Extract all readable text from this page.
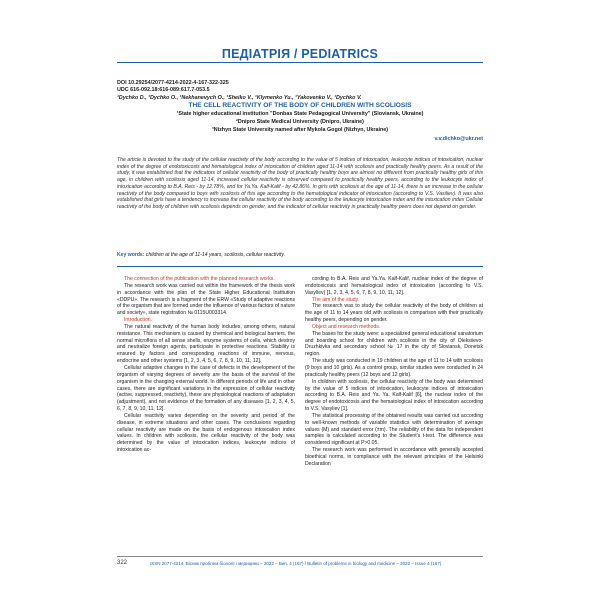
ПЕДІАТРІЯ / PEDIATRICS
DOI 10.29254/2077-4214-2022-4-167-322-325
UDC 616-092.18:616-089:617.7-053.5
¹Dychko D., ¹Dychko O., ¹Nekhanevych O., ¹Sheiko V., ¹Klymenko Yu., ¹Yakovenko V., ¹Dychko V.
THE CELL REACTIVITY OF THE BODY OF CHILDREN WITH SCOLIOSIS
¹State higher educational institution "Donbas State Pedagogical University" (Sloviansk, Ukraine)
²Dnipro State Medical University (Dnipro, Ukraine)
³Nizhyn State University named after Mykola Gogol (Nizhyn, Ukraine)
v.v.dichko@ukr.net
The article is devoted to the study of the cellular reactivity of the body according to the value of 5 indices of intoxication, leukocyte indices of intoxication, nuclear index of the degree of endotoxicosis and hematological index of intoxication of children aged 11-14 with scoliosis and practically healthy peers. As a result of the study, it was established that the indicators of cellular reactivity of the body of practically healthy boys are almost no different from practically healthy girls of this age, in children with scoliosis aged 11-14, increased cellular reactivity is observed compared to practically healthy peers. according to the leukocyte index of intoxication according to B.A. Reis - by 12.78%, and for Ya.Ya. Kalf-Kalif - by 42.86%. In girls with scoliosis at the age of 11-14, there is an increase in the cellular reactivity of the body compared to boys with scoliosis of this age according to the hematological indicator of intoxication (according to V.S. Vasiliev). It was also established that girls have a tendency to increase the cellular reactivity of the body according to the leukocyte intoxication index and the intoxication index Cellular reactivity of the body of children with scoliosis depends on gender, and the indicator of cellular reactivity in practically healthy peers does not depend on gender.
Key words: children at the age of 11-14 years, scoliosis, cellular reactivity.

The connection of the publication with the planned research works.

The research work was carried out within the framework of the thesis work in accordance with the plan of the State Higher Educational Institution «DDPU». The research is a fragment of the ERW «Study of adaptive reactions of the organism that are formed under the influence of various factors of nature and society», state registration № 0115U003314.

Introduction.

The natural reactivity of the human body includes, among others, natural resistance. This mechanism is caused by chemical and biological barriers, the normal microflora of all sense shells, enzyme systems of cells, which destroy and neutralize foreign agents, participate in protective reactions. Stability is ensured by factors and corresponding reactions of immune, nervous, endocrine and other systems [1, 2, 3, 4, 5, 6, 7, 8, 9, 10, 11, 12].

Cellular adaptive changes in the case of defects in the development of the organism of varying degrees of severity are the basis of the survival of the organism in the changing external world. In different periods of life and in other cases, there are significant variations in the expression of cellular reactivity (active, suppressed, reactivity), these are physiological reactions of adaptation (adjustment), and not evidence of the formation of any diseases [1, 2, 3, 4, 5, 6, 7, 8, 9, 10, 11, 12].

Cellular reactivity varies depending on the severity and period of the disease, in extreme situations and other cases. The conclusions regarding cellular reactivity are made on the basis of endogenous intoxication index values. In children with scoliosis, the cellular reactivity of the body was determined by the value of intoxication indices, leukocyte indices of intoxication ac-

cording to B.A. Reis and Ya.Ya. Kalf-Kalif, nuclear index of the degree of endotoxicosis and hematological index of intoxication (according to V.S. Vasyliev) [1, 2, 3, 4, 5, 6, 7, 8, 9, 10, 11, 12].

The aim of the study.

The research was to study the cellular reactivity of the body of children at the age of 11 to 14 years old with scoliosis in comparison with their practically healthy peers, depending on gender.

Object and research methods.

The bases for the study were: a specialized general educational sanatorium and boarding school for children with scoliosis in the city of Oleksiievo-Druzhkivka and secondary school № 17 in the city of Sloviansk, Donetsk region.

The study was conducted in 19 children at the age of 11 to 14 with scoliosis (9 boys and 10 girls). As a control group, similar studies were conducted in 24 practically healthy peers (12 boys and 12 girls).

In children with scoliosis, the cellular reactivity of the body was determined by the value of 5 indices of intoxication, leukocyte indices of intoxication according to B.A. Reis and Ya. Ya. Kalf-Kalif [6], the nuclear index of the degree of endotoxicosis and the hematological index of intoxication according to V.S. Vasyliev [1].

The statistical processing of the obtained results was carried out according to well-known methods of variable statistics with determination of average values (M) and standard error (±m). The reliability of the data for independent samples is calculated according to the Student's t-test. The difference was considered significant at P>0.05.

The research work was performed in accordance with generally accepted bioethical norms, in compliance with the relevant principles of the Helsinki Declaration

322	ISSN 2077-4214. Вісник проблем біології і медицини – 2022 – Вип. 4 (167) / Bulletin of problems in biology and medicine – 2022 – Issue 4 (167)
